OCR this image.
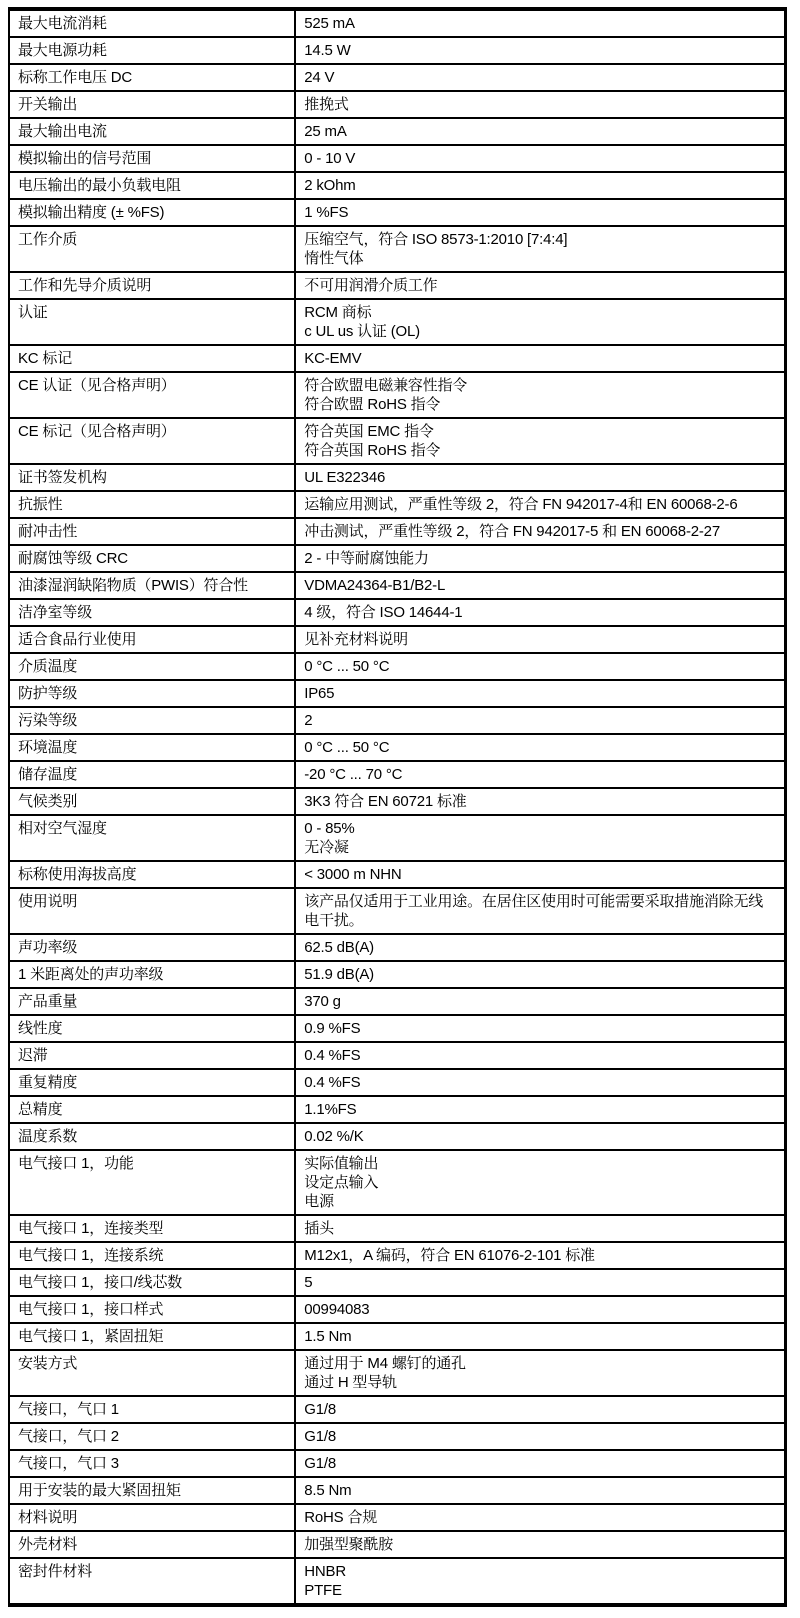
最大电流消耗	525 mA
最大电源功耗	14.5 W
标称工作电压 DC	24 V
开关输出	推挽式
最大输出电流	25 mA
模拟输出的信号范围	0 - 10 V
电压输出的最小负载电阻	2 kOhm
模拟输出精度 (± %FS)	1 %FS
工作介质	压缩空气，符合 ISO 8573-1:2010 [7:4:4]
惰性气体
工作和先导介质说明	不可用润滑介质工作
认证	RCM 商标
c UL us 认证 (OL)
KC 标记	KC-EMV
CE 认证（见合格声明）	符合欧盟电磁兼容性指令
符合欧盟 RoHS 指令
CE 标记（见合格声明）	符合英国 EMC 指令
符合英国 RoHS 指令
证书签发机构	UL E322346
抗振性	运输应用测试，严重性等级 2，符合 FN 942017-4和 EN 60068-2-6
耐冲击性	冲击测试，严重性等级 2，符合 FN 942017-5 和 EN 60068-2-27
耐腐蚀等级 CRC	2 - 中等耐腐蚀能力
油漆湿润缺陷物质（PWIS）符合性	VDMA24364-B1/B2-L
洁净室等级	4 级，符合 ISO 14644-1
适合食品行业使用	见补充材料说明
介质温度	0 °C ... 50 °C
防护等级	IP65
污染等级	2
环境温度	0 °C ... 50 °C
储存温度	-20 °C ... 70 °C
气候类别	3K3 符合 EN 60721 标准
相对空气湿度	0 - 85%
无冷凝
标称使用海拔高度	< 3000 m NHN
使用说明	该产品仅适用于工业用途。在居住区使用时可能需要采取措施消除无线电干扰。
声功率级	62.5 dB(A)
1 米距离处的声功率级	51.9 dB(A)
产品重量	370 g
线性度	0.9 %FS
迟滞	0.4 %FS
重复精度	0.4 %FS
总精度	1.1%FS
温度系数	0.02 %/K
电气接口 1，功能	实际值输出
设定点输入
电源
电气接口 1，连接类型	插头
电气接口 1，连接系统	M12x1，A 编码，符合 EN 61076-2-101 标准
电气接口 1，接口/线芯数	5
电气接口 1，接口样式	00994083
电气接口 1，紧固扭矩	1.5 Nm
安装方式	通过用于 M4 螺钉的通孔
通过 H 型导轨
气接口，气口 1	G1/8
气接口，气口 2	G1/8
气接口，气口 3	G1/8
用于安装的最大紧固扭矩	8.5 Nm
材料说明	RoHS 合规
外壳材料	加强型聚酰胺
密封件材料	HNBR
PTFE
